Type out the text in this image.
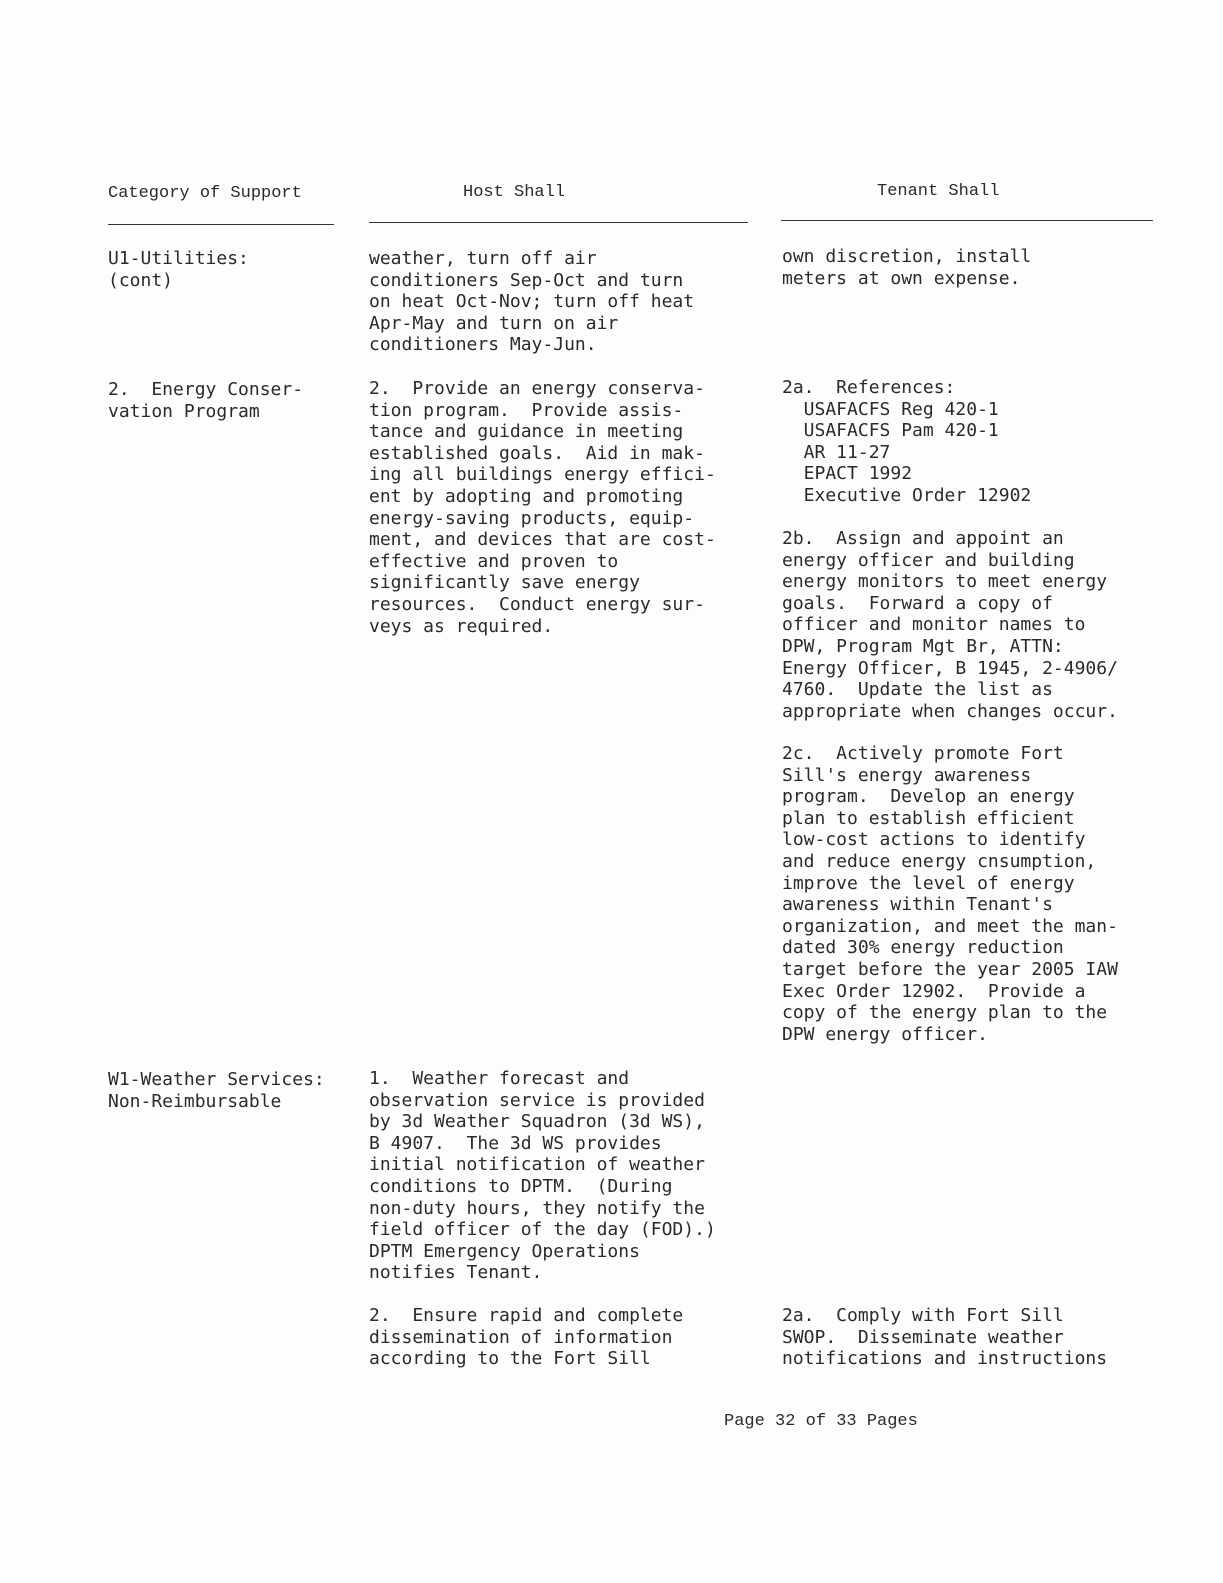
Category of Support	Host Shall	Tenant Shall
U1-Utilities:
(cont)
weather, turn off air
conditioners Sep-Oct and turn
on heat Oct-Nov; turn off heat
Apr-May and turn on air
conditioners May-Jun.
own discretion, install
meters at own expense.
2.  Energy Conser-
vation Program
2.  Provide an energy conserva-
tion program.  Provide assis-
tance and guidance in meeting
established goals.  Aid in mak-
ing all buildings energy effici-
ent by adopting and promoting
energy-saving products, equip-
ment, and devices that are cost-
effective and proven to
significantly save energy
resources.  Conduct energy sur-
veys as required.
2a.  References:
USAFACFS Reg 420-1
USAFACFS Pam 420-1
AR 11-27
EPACT 1992
Executive Order 12902
2b.  Assign and appoint an
energy officer and building
energy monitors to meet energy
goals.  Forward a copy of
officer and monitor names to
DPW, Program Mgt Br, ATTN:
Energy Officer, B 1945, 2-4906/
4760.  Update the list as
appropriate when changes occur.
2c.  Actively promote Fort
Sill's energy awareness
program.  Develop an energy
plan to establish efficient
low-cost actions to identify
and reduce energy cnsumption,
improve the level of energy
awareness within Tenant's
organization, and meet the man-
dated 30% energy reduction
target before the year 2005 IAW
Exec Order 12902.  Provide a
copy of the energy plan to the
DPW energy officer.
W1-Weather Services:
Non-Reimbursable
1.  Weather forecast and
observation service is provided
by 3d Weather Squadron (3d WS),
B 4907.  The 3d WS provides
initial notification of weather
conditions to DPTM.  (During
non-duty hours, they notify the
field officer of the day (FOD).)
DPTM Emergency Operations
notifies Tenant.
2.  Ensure rapid and complete
dissemination of information
according to the Fort Sill
2a.  Comply with Fort Sill
SWOP.  Disseminate weather
notifications and instructions
Page 32 of 33 Pages
